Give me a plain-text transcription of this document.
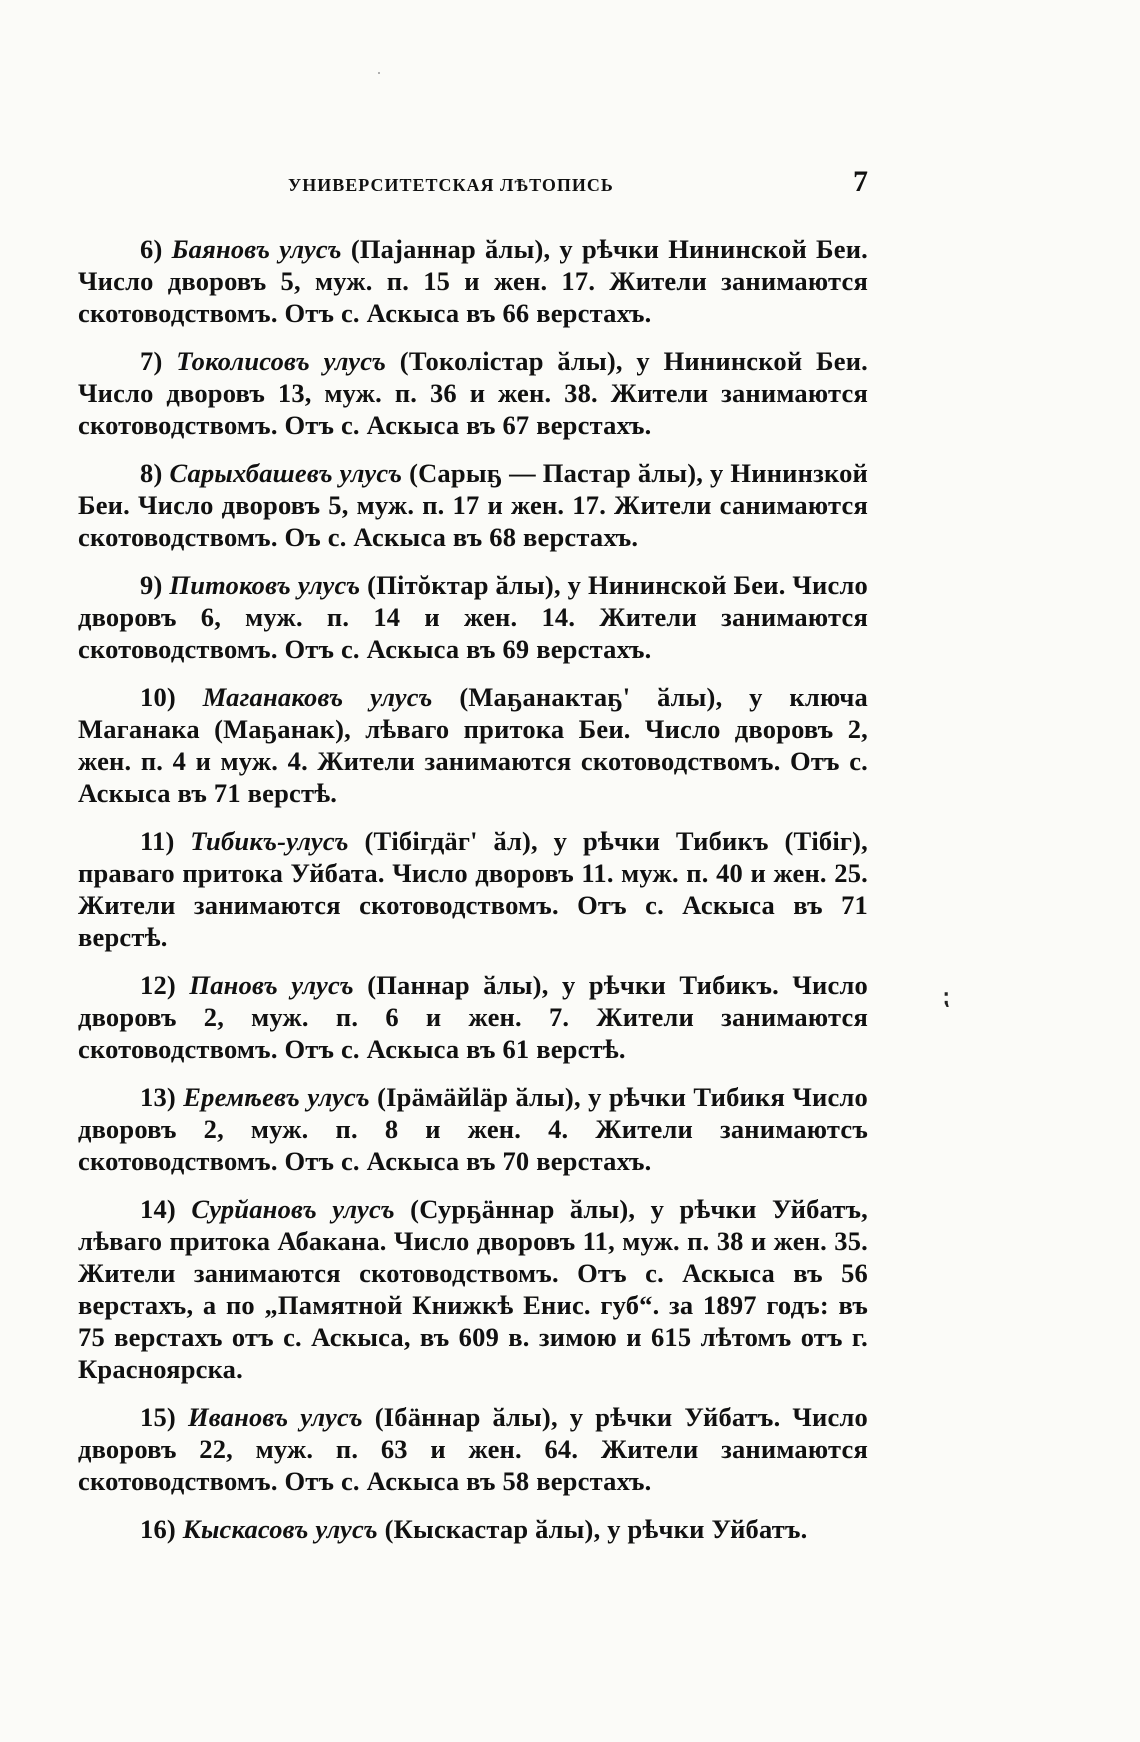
УНИВЕРСИТЕТСКАЯ ЛѢТОПИСЬ	7

6) Баяновъ улусъ (Пајаннар ӑлы), у рѣчки Нининской Беи. Число дворовъ 5, муж. п. 15 и жен. 17. Жители занимаются скотоводствомъ. Отъ с. Аскыса въ 66 верстахъ.

7) Токолисовъ улусъ (Токолiстар ӑлы), у Нининской Беи. Число дворовъ 13, муж. п. 36 и жен. 38. Жители занимаются скотоводствомъ. Отъ с. Аскыса въ 67 верстахъ.

8) Сарыхбашевъ улусъ (Сарыҕ — Пастар ӑлы), у Нининзкой Беи. Число дворовъ 5, муж. п. 17 и жен. 17. Жители санимаются скотоводствомъ. Оъ с. Аскыса въ 68 верстахъ.

9) Питоковъ улусъ (Пiтŏктар ӑлы), у Нининской Беи. Число дворовъ 6, муж. п. 14 и жен. 14. Жители занимаются скотоводствомъ. Отъ с. Аскыса въ 69 верстахъ.

10) Маганаковъ улусъ (Маҕанактаҕ' ӑлы), у ключа Маганака (Маҕанак), лѣваго притока Беи. Число дворовъ 2, жен. п. 4 и муж. 4. Жители занимаются скотоводствомъ. Отъ с. Аскыса въ 71 верстѣ.

11) Тибикъ-улусъ (Тiбiгдӓг' ӑл), у рѣчки Тибикъ (Тiбiг), праваго притока Уйбата. Число дворовъ 11. муж. п. 40 и жен. 25. Жители занимаются скотоводствомъ. Отъ с. Аскыса въ 71 верстѣ.

12) Пановъ улусъ (Паннар ӑлы), у рѣчки Тибикъ. Число дворовъ 2, муж. п. 6 и жен. 7. Жители занимаются скотоводствомъ. Отъ с. Аскыса въ 61 верстѣ.

13) Еремѣевъ улусъ (Iрӓмӓйlӓр ӑлы), у рѣчки Тибикя Число дворовъ 2, муж. п. 8 и жен. 4. Жители занимаютсъ скотоводствомъ. Отъ с. Аскыса въ 70 верстахъ.

14) Сурйановъ улусъ (Сурҕӓннар ӑлы), у рѣчки Уйбатъ, лѣваго притока Абакана. Число дворовъ 11, муж. п. 38 и жен. 35. Жители занимаются скотоводствомъ. Отъ с. Аскыса въ 56 верстахъ, а по „Памятной Книжкѣ Енис. губ“. за 1897 годъ: въ 75 верстахъ отъ с. Аскыса, въ 609 в. зимою и 615 лѣтомъ отъ г. Красноярска.

15) Ивановъ улусъ (Iбӓннар ӑлы), у рѣчки Уйбатъ. Число дворовъ 22, муж. п. 63 и жен. 64. Жители занимаются скотоводствомъ. Отъ с. Аскыса въ 58 верстахъ.

16) Кыскасовъ улусъ (Кыскастар ӑлы), у рѣчки Уйбатъ.

⁏
